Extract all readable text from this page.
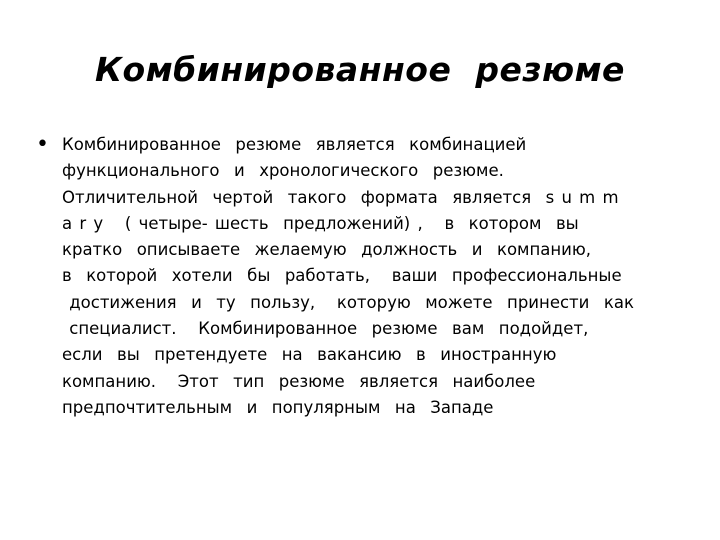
Комбинированное  резюме
• Комбинированное  резюме  является  комбинацией
функционального  и  хронологического  резюме.
Отличительной  чертой  такого  формата  является  s u m m
a r y   ( четыре- шесть  предложений) ,   в  котором  вы
кратко  описываете  желаемую  должность  и  компанию,
в  которой  хотели  бы  работать,   ваши  профессиональные
достижения  и  ту  пользу,   которую  можете  принести  как
специалист.   Комбинированное  резюме  вам  подойдет,
если  вы  претендуете  на  вакансию  в  иностранную
компанию.   Этот  тип  резюме  является  наиболее
предпочтительным  и  популярным  на  Западе
